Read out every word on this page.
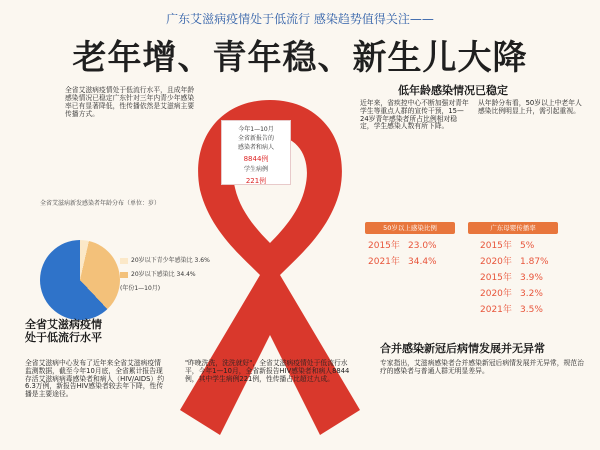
广东艾滋病疫情处于低流行 感染趋势值得关注——
老年增、青年稳、新生儿大降
全省艾滋病疫情处于低流行水平，且成年龄感染情况已稳定广东针对三年内青少年感染率已有显著降低，性传播依然是艾滋病主要传播方式。
全省艾滋病新发感染者年龄分布（单位：岁）
20岁以下青少年感染比 3.6%
20岁以下感染比 34.4%
(年份1—10月)
全省艾滋病疫情
处于低流行水平

全省艾滋病中心发布了近年来全省艾滋病疫情监测数据，截至今年10月底，全省累计报告现存活艾滋病病毒感染者和病人（HIV/AIDS）约6.3万例，新报告HIV感染者较去年下降，性传播是主要途径。

今年1—10月
全省新报告的
感染者和病人
8844例
学生病例
221例

"昨晚洗洗，洗洗就好"，全省艾滋病疫情处于低流行水平，今年1—10月，全省新报告HIV感染者和病人8844例，其中学生病例221例，性传播占比超过九成。

低年龄感染情况已稳定

近年来，省疾控中心不断加强对青年学生等重点人群的宣传干预，15—24岁青年感染者所占比例相对稳定，学生感染人数有所下降。

从年龄分布看，50岁以上中老年人感染比例明显上升，需引起重视。

50岁以上感染比例	广东母婴传播率
2015年 23.0%
2021年 34.4%
2015年 5%
2020年 1.87%
2015年 3.9%
2020年 3.2%
2021年 3.5%
合并感染新冠后病情发展并无异常

专家指出，艾滋病感染者合并感染新冠后病情发展并无异常，规范治疗的感染者与普通人群无明显差异。
